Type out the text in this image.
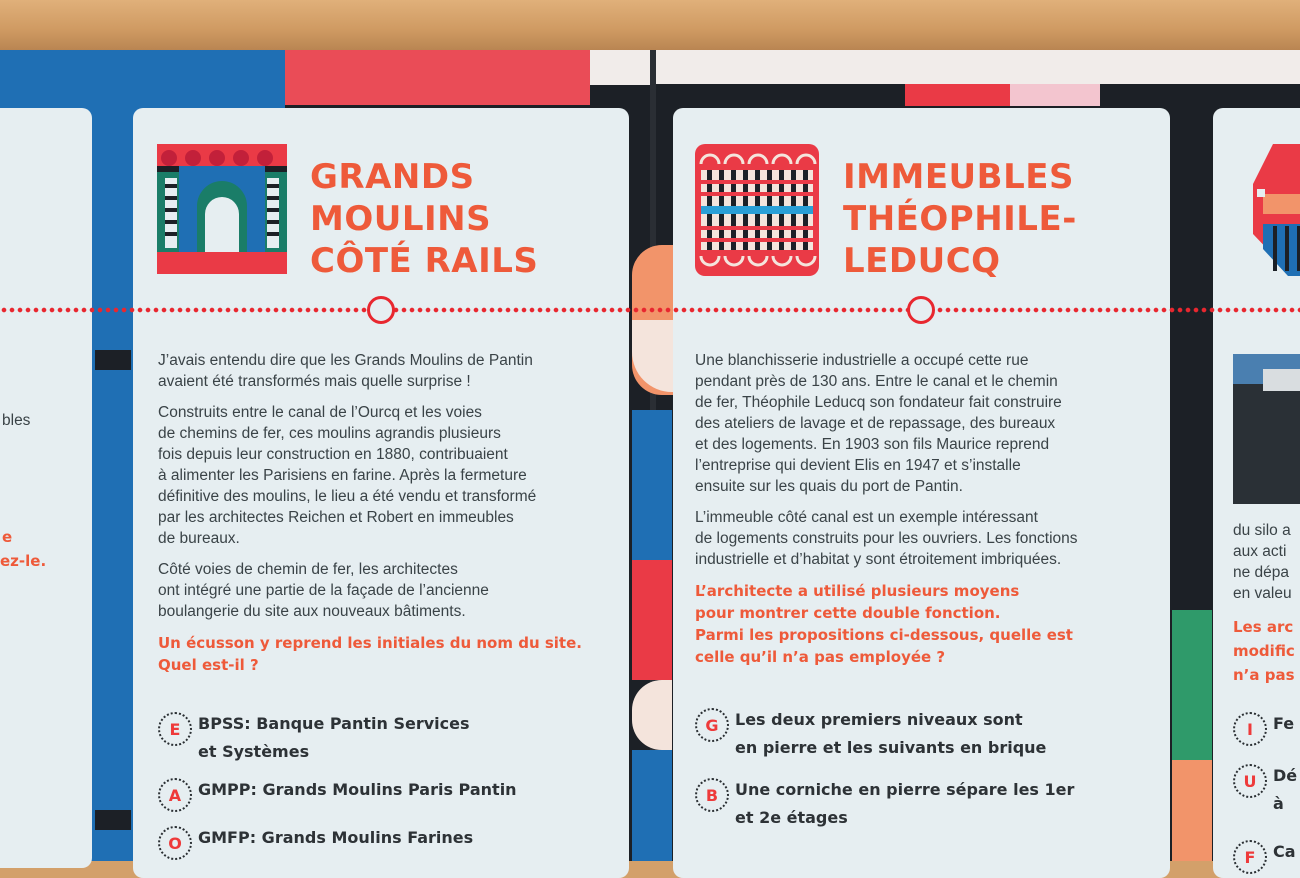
bles
e
ez-le.

GRANDS

MOULINS

CÔTÉ RAILS

J’avais entendu dire que les Grands Moulins de Pantin
avaient été transformés mais quelle surprise !

Construits entre le canal de l’Ourcq et les voies
de chemins de fer, ces moulins agrandis plusieurs
fois depuis leur construction en 1880, contribuaient
à alimenter les Parisiens en farine. Après la fermeture
définitive des moulins, le lieu a été vendu et transformé
par les architectes Reichen et Robert en immeubles
de bureaux.

Côté voies de chemin de fer, les architectes
ont intégré une partie de la façade de l’ancienne
boulangerie du site aux nouveaux bâtiments.

Un écusson y reprend les initiales du nom du site.
Quel est-il ?

E	BPSS: Banque Pantin Services
et Systèmes
A	GMPP: Grands Moulins Paris Pantin
O	GMFP: Grands Moulins Farines

IMMEUBLES

THÉOPHILE-

LEDUCQ

Une blanchisserie industrielle a occupé cette rue
pendant près de 130 ans. Entre le canal et le chemin
de fer, Théophile Leducq son fondateur fait construire
des ateliers de lavage et de repassage, des bureaux
et des logements. En 1903 son fils Maurice reprend
l’entreprise qui devient Elis en 1947 et s’installe
ensuite sur les quais du port de Pantin.

L’immeuble côté canal est un exemple intéressant
de logements construits pour les ouvriers. Les fonctions
industrielle et d’habitat y sont étroitement imbriquées.

L’architecte a utilisé plusieurs moyens
pour montrer cette double fonction.
Parmi les propositions ci-dessous, quelle est
celle qu’il n’a pas employée ?

G	Les deux premiers niveaux sont
en pierre et les suivants en brique
B	Une corniche en pierre sépare les 1er
et 2e étages
du silo a
aux acti
ne dépa
en valeu
Les arc
modific
n’a pas
I	Fe
U	Dé
à
F	Ca
